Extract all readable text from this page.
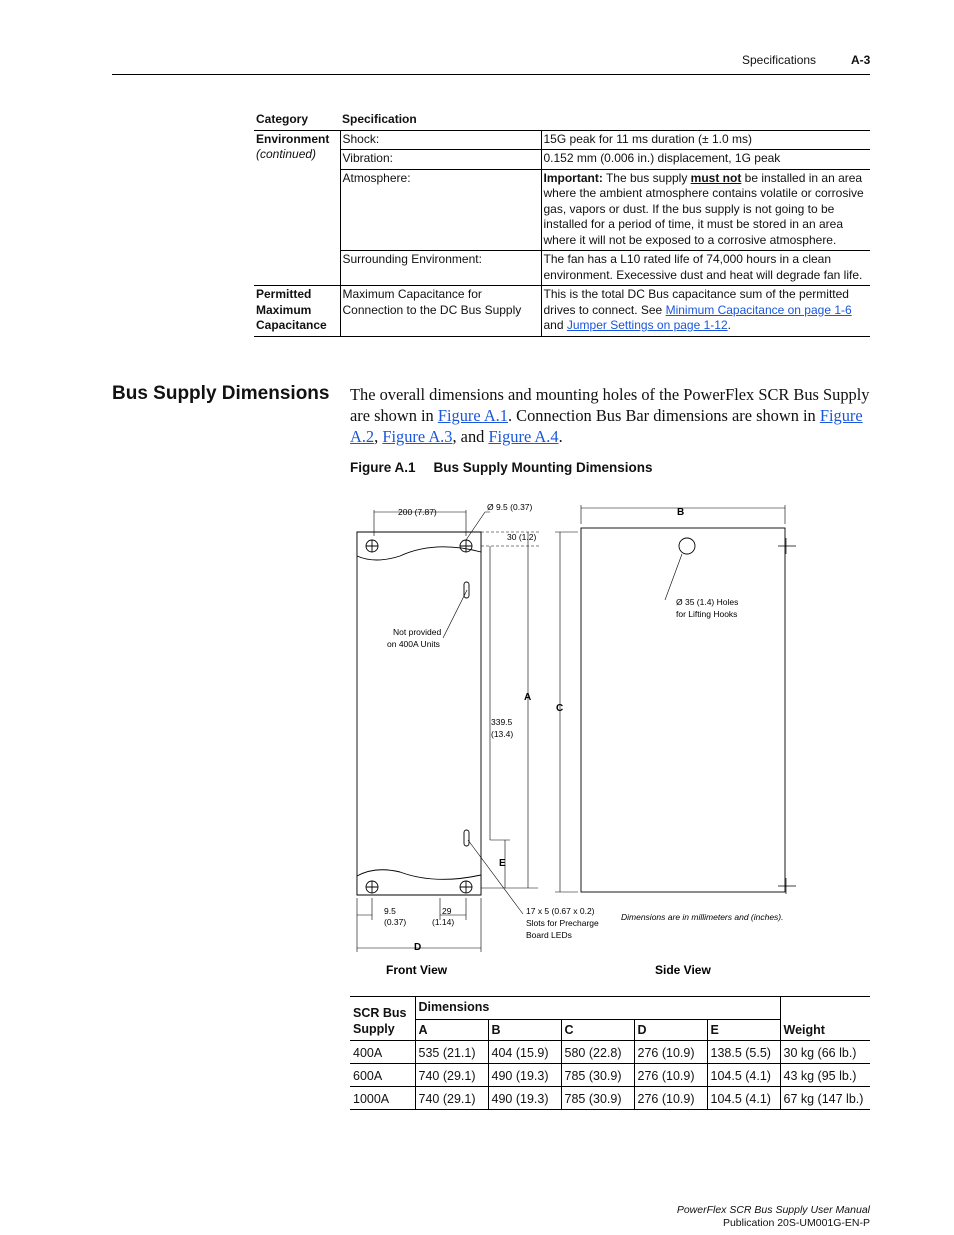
Specifications	A-3
Category	Specification	
Environment
(continued)	Shock:	15G peak for 11 ms duration (± 1.0 ms)
	Vibration:	0.152 mm (0.006 in.) displacement, 1G peak
	Atmosphere:	Important: The bus supply must not be installed in an area where the ambient atmosphere contains volatile or corrosive gas, vapors or dust. If the bus supply is not going to be installed for a period of time, it must be stored in an area where it will not be exposed to a corrosive atmosphere.
	Surrounding Environment:	The fan has a L10 rated life of 74,000 hours in a clean environment. Execessive dust and heat will degrade fan life.
Permitted Maximum Capacitance	Maximum Capacitance for Connection to the DC Bus Supply	This is the total DC Bus capacitance sum of the permitted drives to connect. See Minimum Capacitance on page 1-6 and Jumper Settings on page 1-12.
Bus Supply Dimensions The overall dimensions and mounting holes of the PowerFlex SCR Bus Supply are shown in Figure A.1. Connection Bus Bar dimensions are shown in Figure A.2, Figure A.3, and Figure A.4.
Figure A.1 Bus Supply Mounting Dimensions
200 (7.87)	Ø 9.5 (0.37)
30 (1.2)
Not provided
on 400A Units
339.5
(13.4)
9.5
(0.37)
29
(1.14)
17 x 5 (0.67 x 0.2)
Slots for Precharge
Board LEDs
Ø 35 (1.4) Holes
for Lifting Hooks
Dimensions are in millimeters and (inches).
B
A
C
E
D
Front View	Side View
SCR Bus
Supply	Dimensions					Weight
	A	B	C	D	E	
400A	535 (21.1)	404 (15.9)	580 (22.8)	276 (10.9)	138.5 (5.5)	30 kg (66 lb.)
600A	740 (29.1)	490 (19.3)	785 (30.9)	276 (10.9)	104.5 (4.1)	43 kg (95 lb.)
1000A	740 (29.1)	490 (19.3)	785 (30.9)	276 (10.9)	104.5 (4.1)	67 kg (147 lb.)
PowerFlex SCR Bus Supply User Manual
Publication 20S-UM001G-EN-P
